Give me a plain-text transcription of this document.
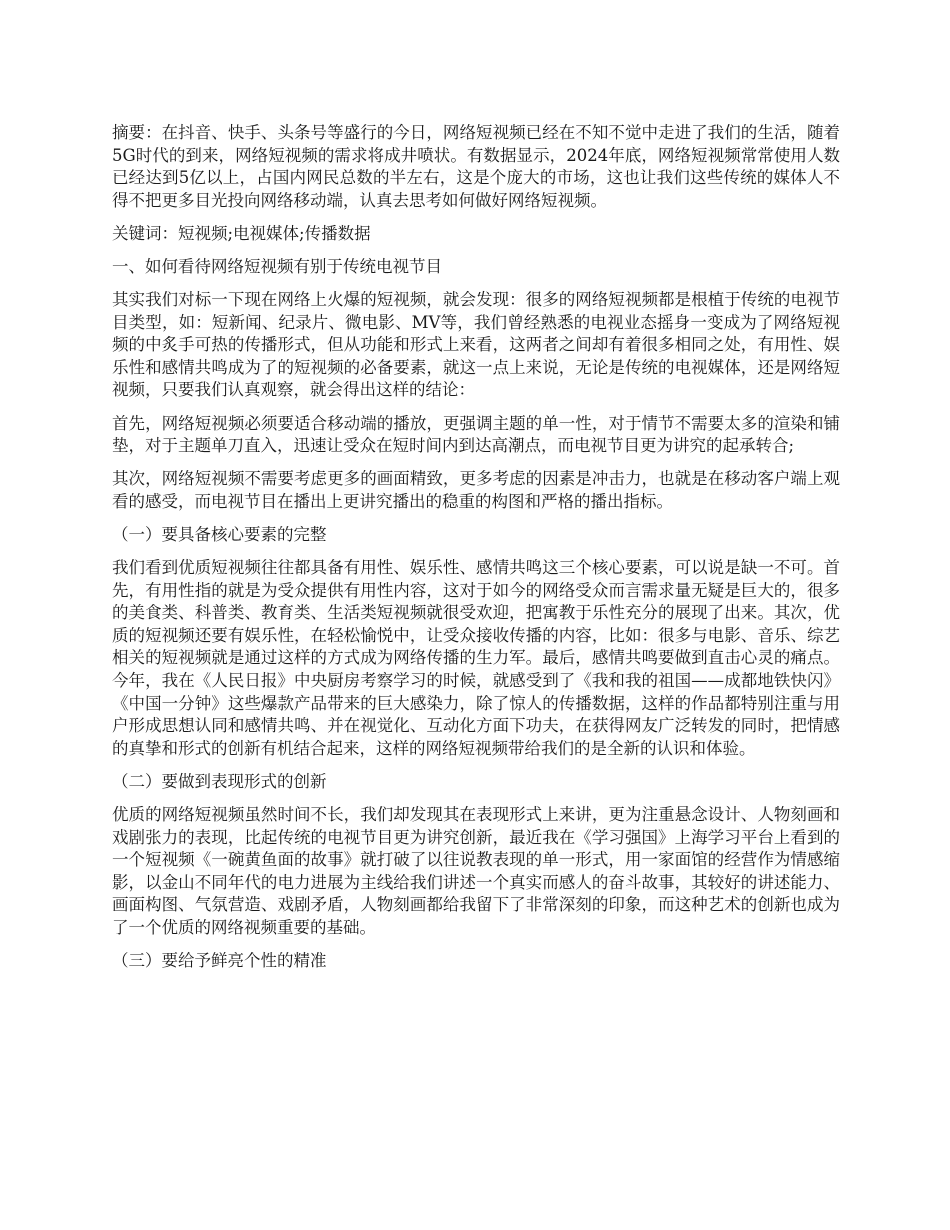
摘要：在抖音、快手、头条号等盛行的今日，网络短视频已经在不知不觉中走进了我们的生活，随着5G时代的到来，网络短视频的需求将成井喷状。有数据显示，2024年底，网络短视频常常使用人数已经达到5亿以上，占国内网民总数的半左右，这是个庞大的市场，这也让我们这些传统的媒体人不得不把更多目光投向网络移动端，认真去思考如何做好网络短视频。

关键词：短视频;电视媒体;传播数据

一、如何看待网络短视频有别于传统电视节目

其实我们对标一下现在网络上火爆的短视频，就会发现：很多的网络短视频都是根植于传统的电视节目类型，如：短新闻、纪录片、微电影、MV等，我们曾经熟悉的电视业态摇身一变成为了网络短视频的中炙手可热的传播形式，但从功能和形式上来看，这两者之间却有着很多相同之处，有用性、娱乐性和感情共鸣成为了的短视频的必备要素，就这一点上来说，无论是传统的电视媒体，还是网络短视频，只要我们认真观察，就会得出这样的结论：

首先，网络短视频必须要适合移动端的播放，更强调主题的单一性，对于情节不需要太多的渲染和铺垫，对于主题单刀直入，迅速让受众在短时间内到达高潮点，而电视节目更为讲究的起承转合;

其次，网络短视频不需要考虑更多的画面精致，更多考虑的因素是冲击力，也就是在移动客户端上观看的感受，而电视节目在播出上更讲究播出的稳重的构图和严格的播出指标。

（一）要具备核心要素的完整

我们看到优质短视频往往都具备有用性、娱乐性、感情共鸣这三个核心要素，可以说是缺一不可。首先，有用性指的就是为受众提供有用性内容，这对于如今的网络受众而言需求量无疑是巨大的，很多的美食类、科普类、教育类、生活类短视频就很受欢迎，把寓教于乐性充分的展现了出来。其次，优质的短视频还要有娱乐性，在轻松愉悦中，让受众接收传播的内容，比如：很多与电影、音乐、综艺相关的短视频就是通过这样的方式成为网络传播的生力军。最后，感情共鸣要做到直击心灵的痛点。今年，我在《人民日报》中央厨房考察学习的时候，就感受到了《我和我的祖国——成都地铁快闪》《中国一分钟》这些爆款产品带来的巨大感染力，除了惊人的传播数据，这样的作品都特别注重与用户形成思想认同和感情共鸣、并在视觉化、互动化方面下功夫，在获得网友广泛转发的同时，把情感的真挚和形式的创新有机结合起来，这样的网络短视频带给我们的是全新的认识和体验。

（二）要做到表现形式的创新

优质的网络短视频虽然时间不长，我们却发现其在表现形式上来讲，更为注重悬念设计、人物刻画和戏剧张力的表现，比起传统的电视节目更为讲究创新，最近我在《学习强国》上海学习平台上看到的一个短视频《一碗黄鱼面的故事》就打破了以往说教表现的单一形式，用一家面馆的经营作为情感缩影，以金山不同年代的电力进展为主线给我们讲述一个真实而感人的奋斗故事，其较好的讲述能力、画面构图、气氛营造、戏剧矛盾，人物刻画都给我留下了非常深刻的印象，而这种艺术的创新也成为了一个优质的网络视频重要的基础。

（三）要给予鲜亮个性的精准
